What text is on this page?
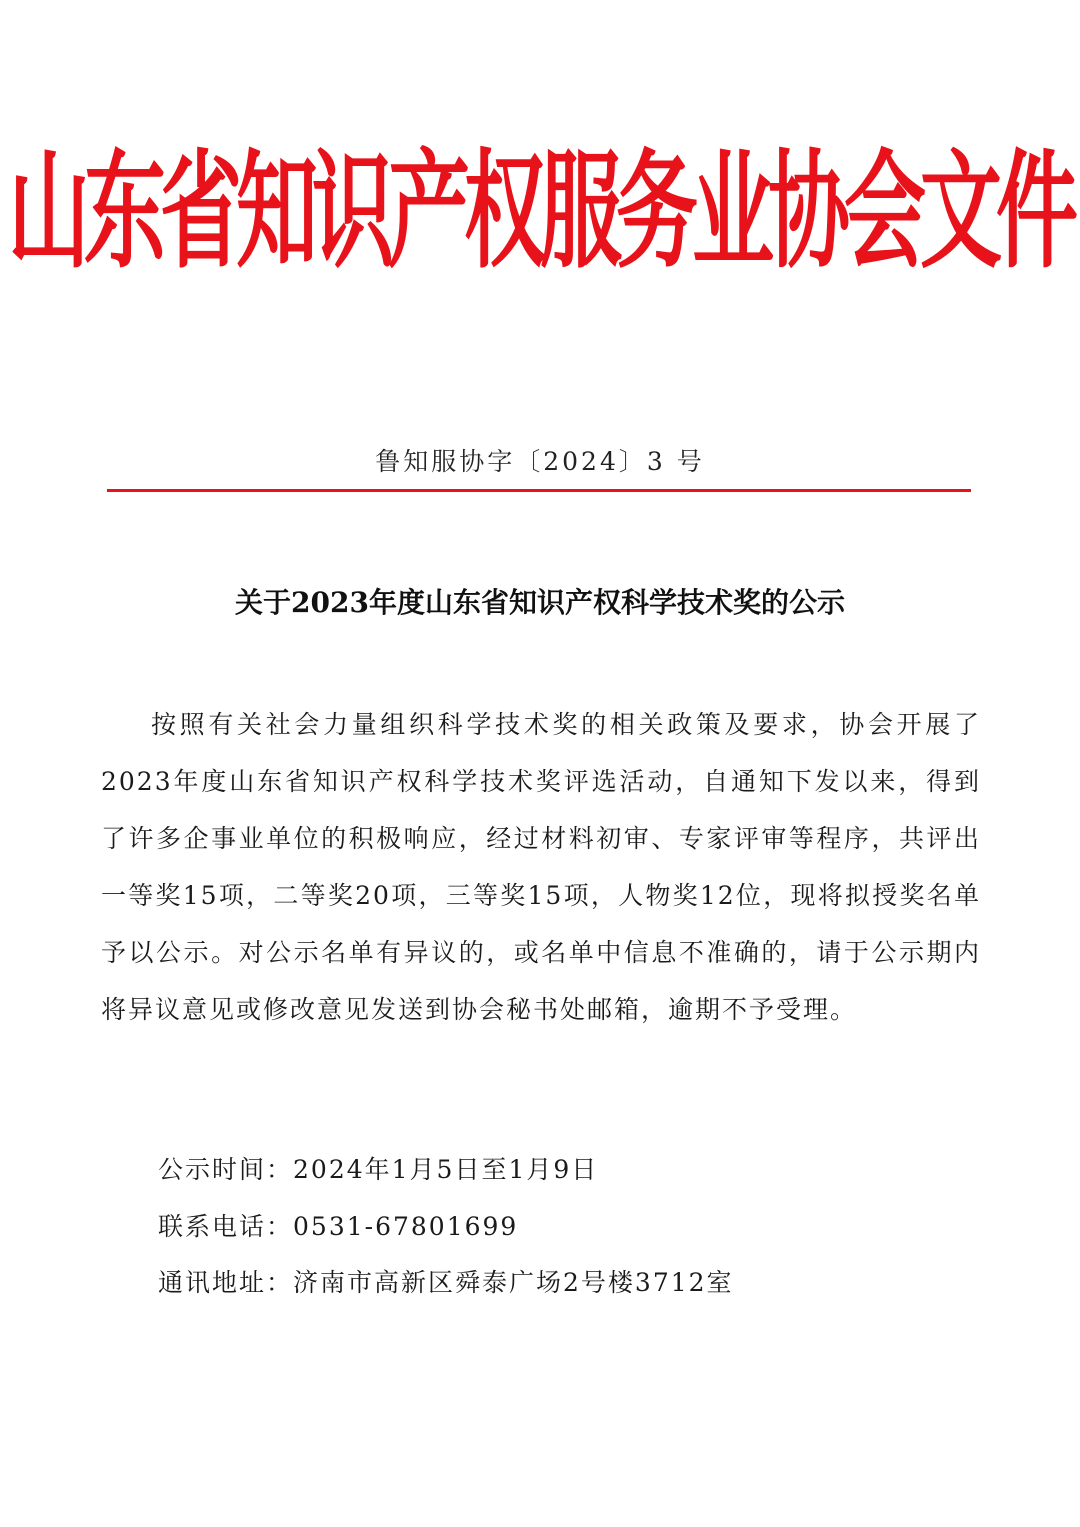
山东省知识产权服务业协会文件
鲁知服协字〔2024〕3 号
关于2023年度山东省知识产权科学技术奖的公示

按照有关社会力量组织科学技术奖的相关政策及要求，协会开展了2023年度山东省知识产权科学技术奖评选活动，自通知下发以来，得到了许多企事业单位的积极响应，经过材料初审、专家评审等程序，共评出一等奖15项，二等奖20项，三等奖15项，人物奖12位，现将拟授奖名单予以公示。对公示名单有异议的，或名单中信息不准确的，请于公示期内将异议意见或修改意见发送到协会秘书处邮箱，逾期不予受理。

公示时间：2024年1月5日至1月9日
联系电话：0531-67801699
通讯地址：济南市高新区舜泰广场2号楼3712室
